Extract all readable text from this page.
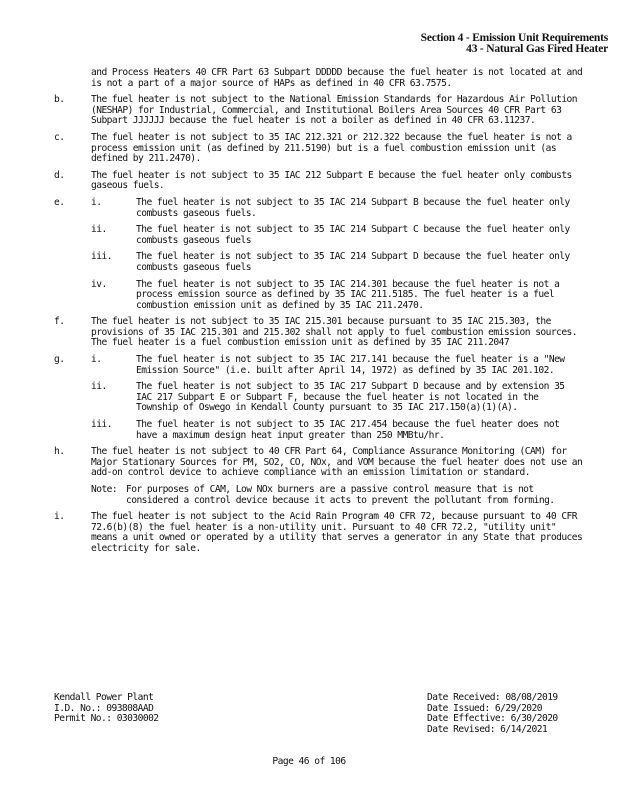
Section 4 - Emission Unit Requirements
43 - Natural Gas Fired Heater

and Process Heaters 40 CFR Part 63 Subpart DDDDD because the fuel heater is not located at and is not a part of a major source of HAPs as defined in 40 CFR 63.7575.

b.	The fuel heater is not subject to the National Emission Standards for Hazardous Air Pollution (NESHAP) for Industrial, Commercial, and Institutional Boilers Area Sources 40 CFR Part 63 Subpart JJJJJJ because the fuel heater is not a boiler as defined in 40 CFR 63.11237.

c.	The fuel heater is not subject to 35 IAC 212.321 or 212.322 because the fuel heater is not a process emission unit (as defined by 211.5190) but is a fuel combustion emission unit (as defined by 211.2470).

d.	The fuel heater is not subject to 35 IAC 212 Subpart E because the fuel heater only combusts gaseous fuels.

e.	i.	The fuel heater is not subject to 35 IAC 214 Subpart B because the fuel heater only combusts gaseous fuels.

ii.	The fuel heater is not subject to 35 IAC 214 Subpart C because the fuel heater only combusts gaseous fuels

iii.	The fuel heater is not subject to 35 IAC 214 Subpart D because the fuel heater only combusts gaseous fuels

iv.	The fuel heater is not subject to 35 IAC 214.301 because the fuel heater is not a process emission source as defined by 35 IAC 211.5185. The fuel heater is a fuel combustion emission unit as defined by 35 IAC 211.2470.

f.	The fuel heater is not subject to 35 IAC 215.301 because pursuant to 35 IAC 215.303, the provisions of 35 IAC 215.301 and 215.302 shall not apply to fuel combustion emission sources. The fuel heater is a fuel combustion emission unit as defined by 35 IAC 211.2047

g.	i.	The fuel heater is not subject to 35 IAC 217.141 because the fuel heater is a "New Emission Source" (i.e. built after April 14, 1972) as defined by 35 IAC 201.102.

ii.	The fuel heater is not subject to 35 IAC 217 Subpart D because and by extension 35 IAC 217 Subpart E or Subpart F, because the fuel heater is not located in the Township of Oswego in Kendall County pursuant to 35 IAC 217.150(a)(1)(A).

iii.	The fuel heater is not subject to 35 IAC 217.454 because the fuel heater does not have a maximum design heat input greater than 250 MMBtu/hr.

h.	The fuel heater is not subject to 40 CFR Part 64, Compliance Assurance Monitoring (CAM) for Major Stationary Sources for PM, SO2, CO, NOx, and VOM because the fuel heater does not use an add-on control device to achieve compliance with an emission limitation or standard.

Note: For purposes of CAM, Low NOx burners are a passive control measure that is not considered a control device because it acts to prevent the pollutant from forming.

i.	The fuel heater is not subject to the Acid Rain Program 40 CFR 72, because pursuant to 40 CFR 72.6(b)(8) the fuel heater is a non-utility unit. Pursuant to 40 CFR 72.2, "utility unit" means a unit owned or operated by a utility that serves a generator in any State that produces electricity for sale.

Kendall Power Plant
I.D. No.: 093808AAD
Permit No.: 03030002
Date Received: 08/08/2019
Date Issued: 6/29/2020
Date Effective: 6/30/2020
Date Revised: 6/14/2021
Page 46 of 106
